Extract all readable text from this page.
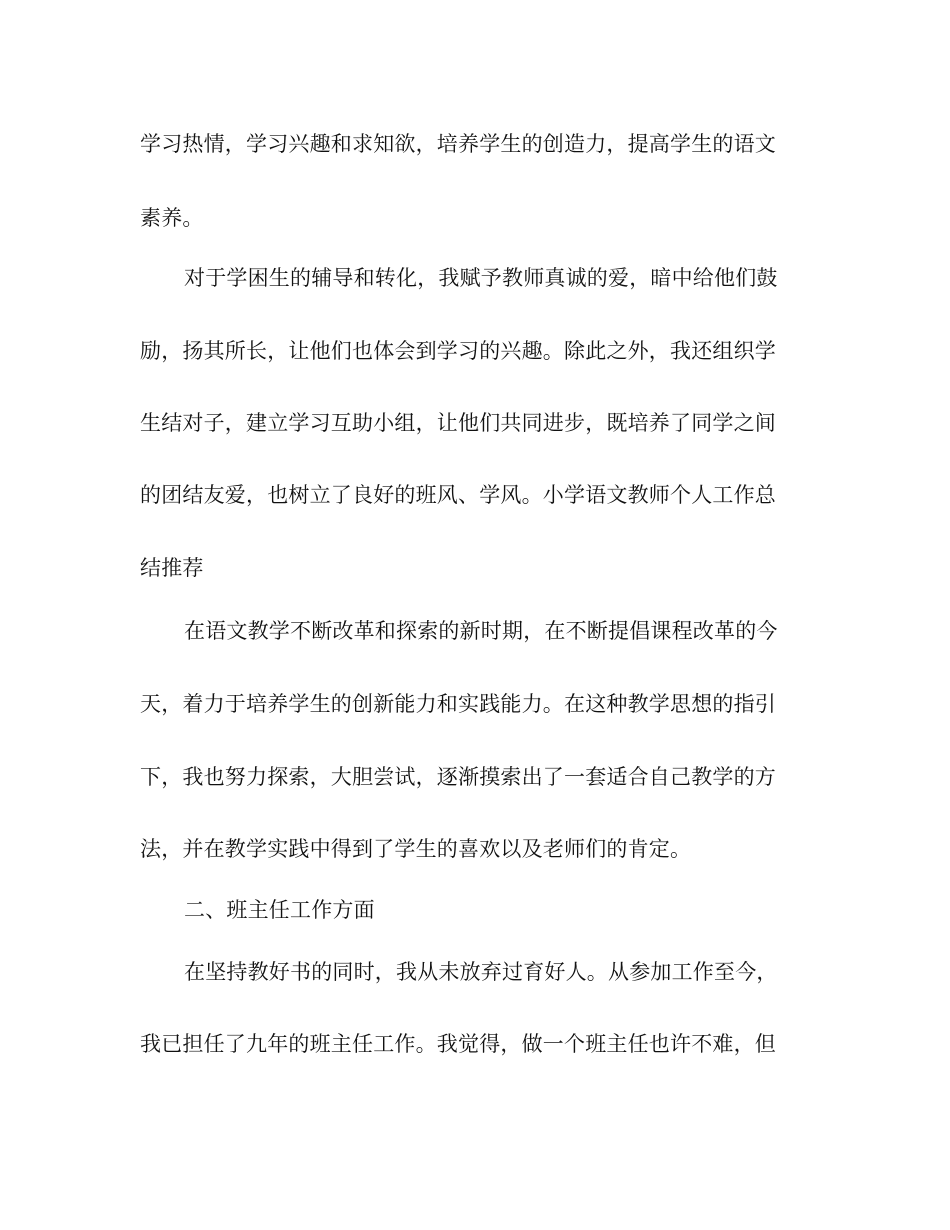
学习热情，学习兴趣和求知欲，培养学生的创造力，提高学生的语文
素养。
对于学困生的辅导和转化，我赋予教师真诚的爱，暗中给他们鼓
励，扬其所长，让他们也体会到学习的兴趣。除此之外，我还组织学
生结对子，建立学习互助小组，让他们共同进步，既培养了同学之间
的团结友爱，也树立了良好的班风、学风。小学语文教师个人工作总
结推荐
在语文教学不断改革和探索的新时期，在不断提倡课程改革的今
天，着力于培养学生的创新能力和实践能力。在这种教学思想的指引
下，我也努力探索，大胆尝试，逐渐摸索出了一套适合自己教学的方
法，并在教学实践中得到了学生的喜欢以及老师们的肯定。
二、班主任工作方面
在坚持教好书的同时，我从未放弃过育好人。从参加工作至今，
我已担任了九年的班主任工作。我觉得，做一个班主任也许不难，但
